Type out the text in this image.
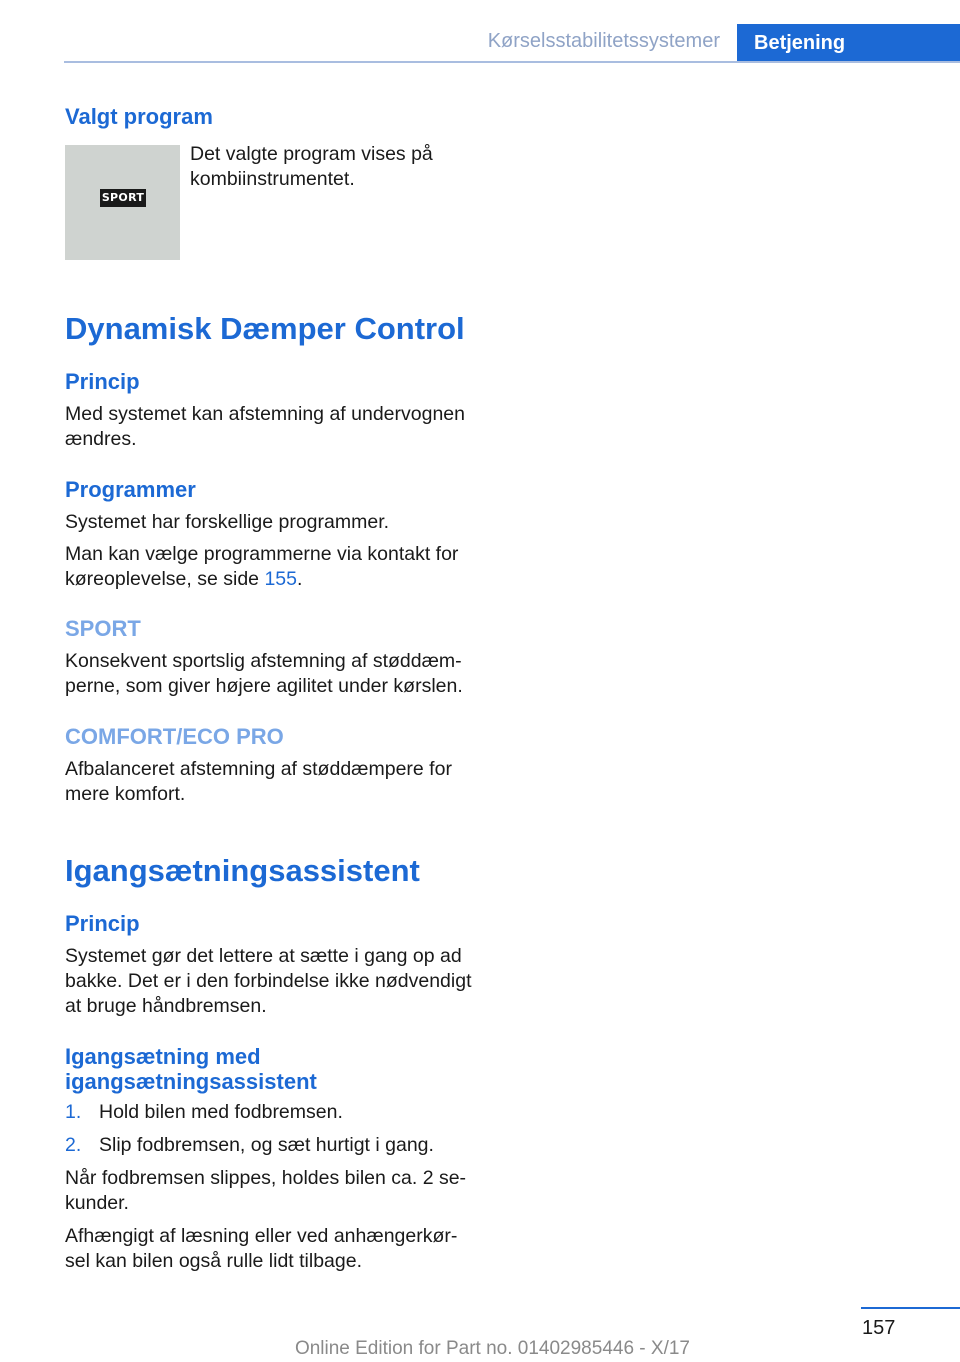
Kørselsstabilitetssystemer Betjening
Valgt program
SPORT
Det valgte program vises på
kombiinstrumentet.
Dynamisk Dæmper Control
Princip
Med systemet kan afstemning af undervognen
ændres.
Programmer
Systemet har forskellige programmer.
Man kan vælge programmerne via kontakt for
køreoplevelse, se side 155.
SPORT
Konsekvent sportslig afstemning af støddæm‐
perne, som giver højere agilitet under kørslen.
COMFORT/ECO PRO
Afbalanceret afstemning af støddæmpere for
mere komfort.
Igangsætningsassistent
Princip
Systemet gør det lettere at sætte i gang op ad
bakke. Det er i den forbindelse ikke nødvendigt
at bruge håndbremsen.
Igangsætning med
igangsætningsassistent
1. Hold bilen med fodbremsen.
2. Slip fodbremsen, og sæt hurtigt i gang.
Når fodbremsen slippes, holdes bilen ca. 2 se‐
kunder.
Afhængigt af læsning eller ved anhængerkør‐
sel kan bilen også rulle lidt tilbage.
157
Online Edition for Part no. 01402985446 - X/17
